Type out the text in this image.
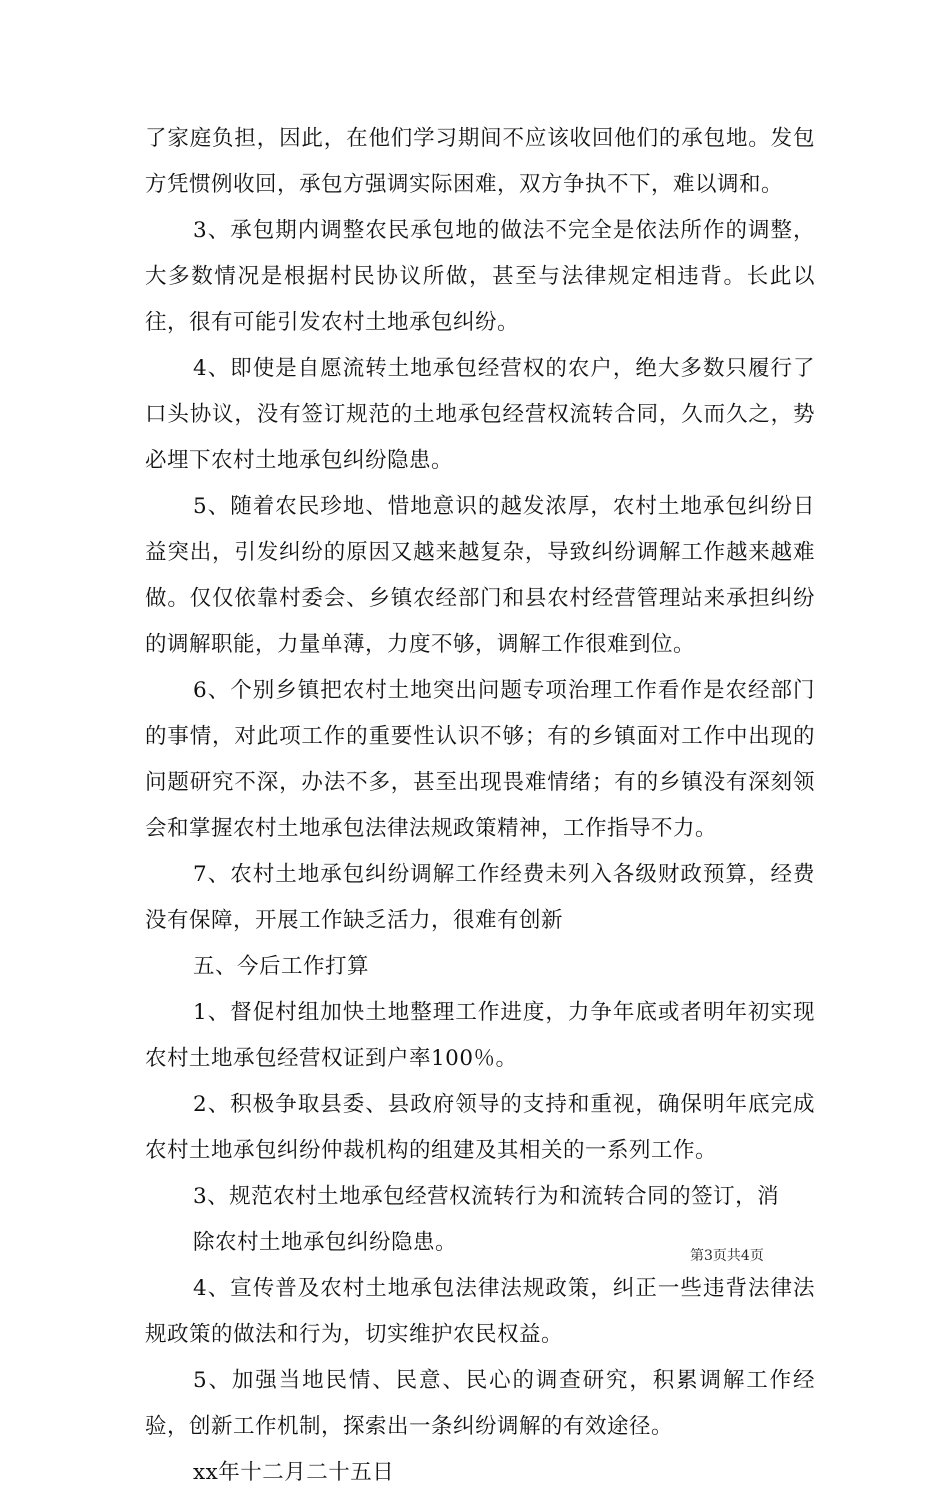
了家庭负担，因此，在他们学习期间不应该收回他们的承包地。发包方凭惯例收回，承包方强调实际困难，双方争执不下，难以调和。

3、承包期内调整农民承包地的做法不完全是依法所作的调整，大多数情况是根据村民协议所做，甚至与法律规定相违背。长此以往，很有可能引发农村土地承包纠纷。

4、即使是自愿流转土地承包经营权的农户，绝大多数只履行了口头协议，没有签订规范的土地承包经营权流转合同，久而久之，势必埋下农村土地承包纠纷隐患。

5、随着农民珍地、惜地意识的越发浓厚，农村土地承包纠纷日益突出，引发纠纷的原因又越来越复杂，导致纠纷调解工作越来越难做。仅仅依靠村委会、乡镇农经部门和县农村经营管理站来承担纠纷的调解职能，力量单薄，力度不够，调解工作很难到位。

6、个别乡镇把农村土地突出问题专项治理工作看作是农经部门的事情，对此项工作的重要性认识不够；有的乡镇面对工作中出现的问题研究不深，办法不多，甚至出现畏难情绪；有的乡镇没有深刻领会和掌握农村土地承包法律法规政策精神，工作指导不力。

7、农村土地承包纠纷调解工作经费未列入各级财政预算，经费没有保障，开展工作缺乏活力，很难有创新

五、今后工作打算

1、督促村组加快土地整理工作进度，力争年底或者明年初实现农村土地承包经营权证到户率100％。

2、积极争取县委、县政府领导的支持和重视，确保明年底完成农村土地承包纠纷仲裁机构的组建及其相关的一系列工作。

3、规范农村土地承包经营权流转行为和流转合同的签订，消

除农村土地承包纠纷隐患。

4、宣传普及农村土地承包法律法规政策，纠正一些违背法律法规政策的做法和行为，切实维护农民权益。

5、加强当地民情、民意、民心的调查研究，积累调解工作经验，创新工作机制，探索出一条纠纷调解的有效途径。

xx年十二月二十五日

第3页共4页
